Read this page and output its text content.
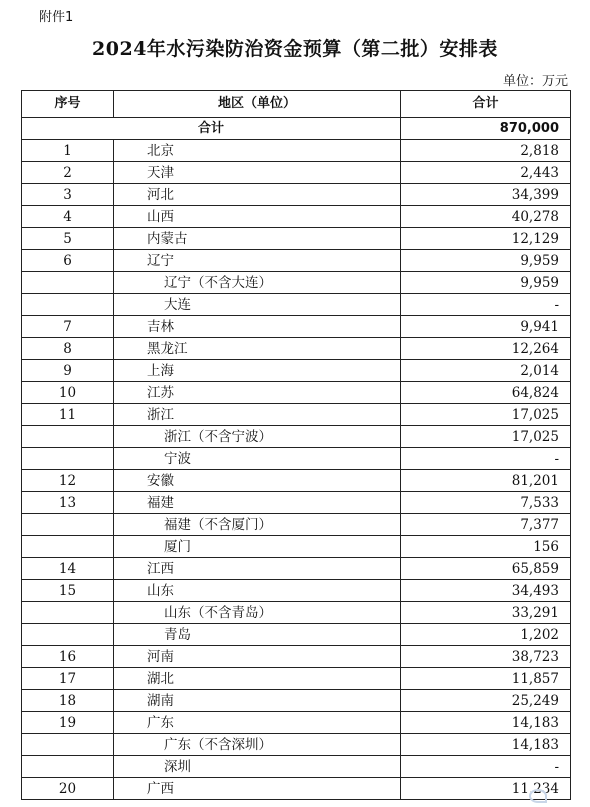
附件1
2024年水污染防治资金预算（第二批）安排表
单位：万元
序号	地区（单位）	合计
合计		870,000
1	北京	2,818
2	天津	2,443
3	河北	34,399
4	山西	40,278
5	内蒙古	12,129
6	辽宁	9,959
	辽宁（不含大连）	9,959
	大连	-
7	吉林	9,941
8	黑龙江	12,264
9	上海	2,014
10	江苏	64,824
11	浙江	17,025
	浙江（不含宁波）	17,025
	宁波	-
12	安徽	81,201
13	福建	7,533
	福建（不含厦门）	7,377
	厦门	156
14	江西	65,859
15	山东	34,493
	山东（不含青岛）	33,291
	青岛	1,202
16	河南	38,723
17	湖北	11,857
18	湖南	25,249
19	广东	14,183
	广东（不含深圳）	14,183
	深圳	-
20	广西	11,234
